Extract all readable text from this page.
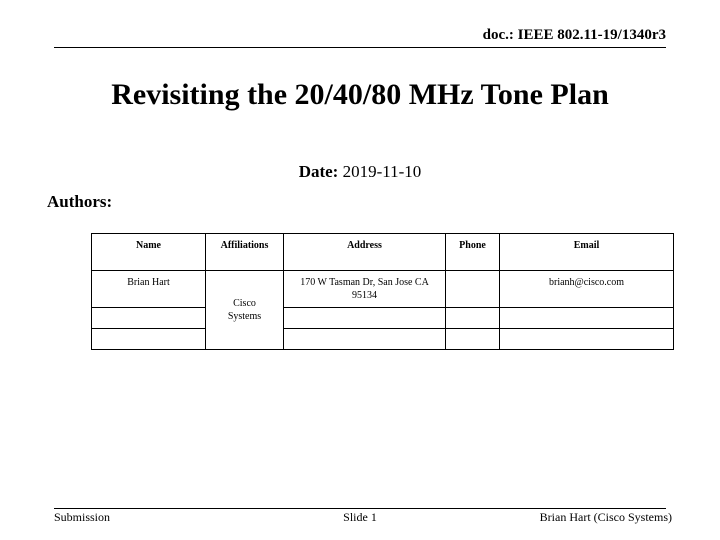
doc.: IEEE 802.11-19/1340r3
Revisiting the 20/40/80 MHz Tone Plan
Date: 2019-11-10
Authors:
Name	Affiliations	Address	Phone	Email
Brian Hart	Cisco Systems	170 W Tasman Dr, San Jose CA 95134		brianh@cisco.com

Submission	Slide 1	Brian Hart (Cisco Systems)
